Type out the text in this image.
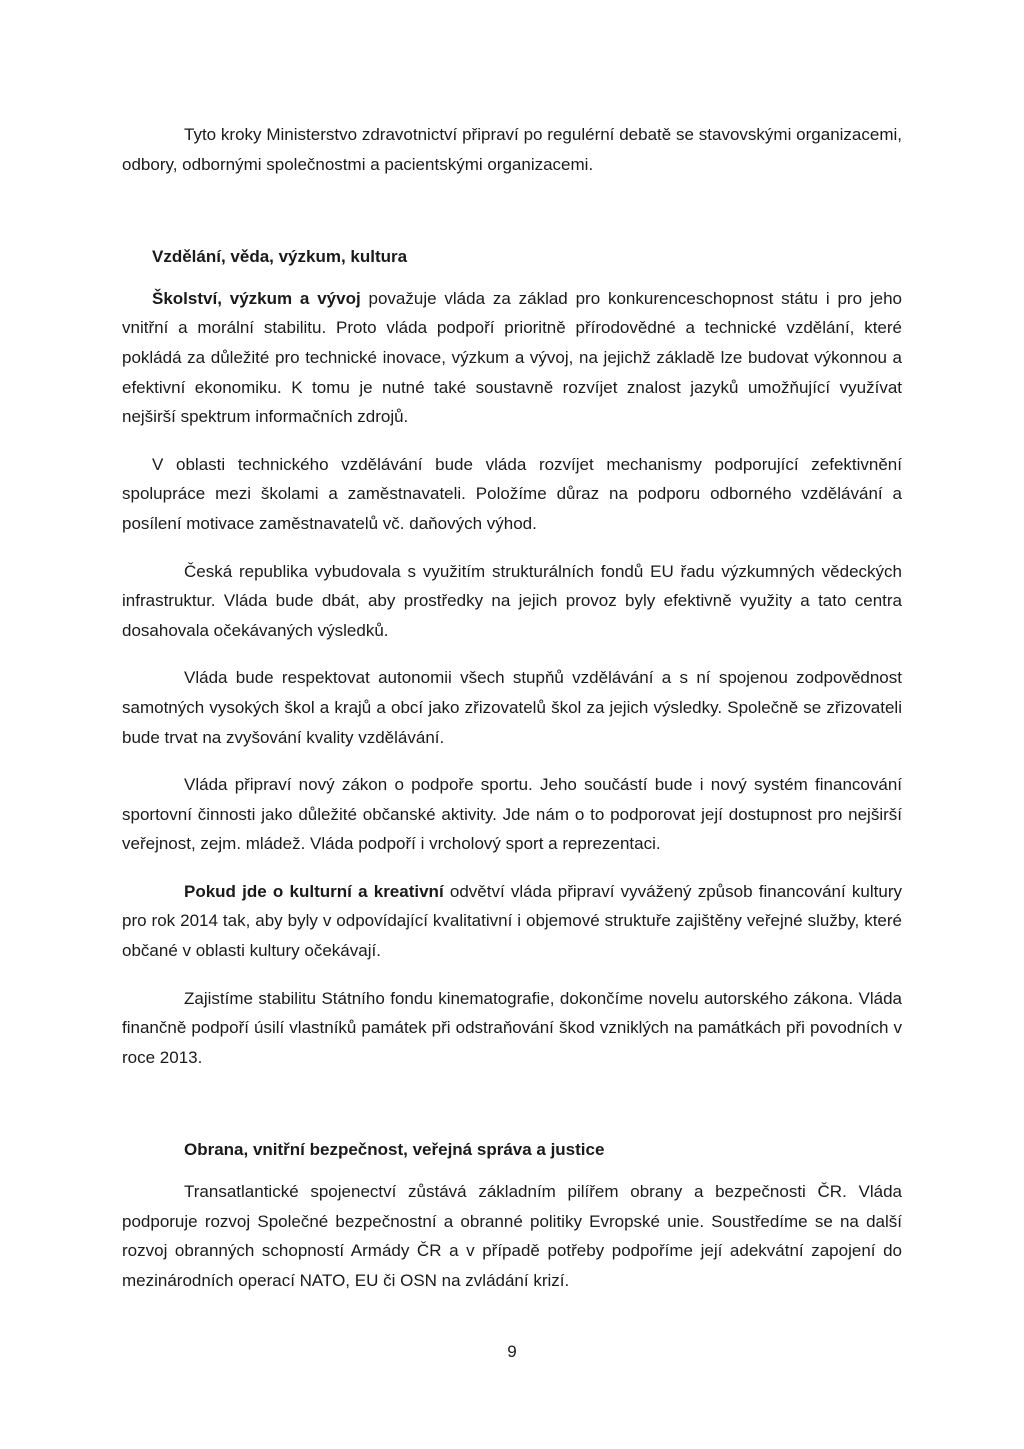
Tyto kroky Ministerstvo zdravotnictví připraví po regulérní debatě se stavovskými organizacemi, odbory, odbornými společnostmi a pacientskými organizacemi.

Vzdělání, věda, výzkum, kultura

Školství, výzkum a vývoj považuje vláda za základ pro konkurenceschopnost státu i pro jeho vnitřní a morální stabilitu. Proto vláda podpoří prioritně přírodovědné a technické vzdělání, které pokládá za důležité pro technické inovace, výzkum a vývoj, na jejichž základě lze budovat výkonnou a efektivní ekonomiku. K tomu je nutné také soustavně rozvíjet znalost jazyků umožňující využívat nejširší spektrum informačních zdrojů.

V oblasti technického vzdělávání bude vláda rozvíjet mechanismy podporující zefektivnění spolupráce mezi školami a zaměstnavateli. Položíme důraz na podporu odborného vzdělávání a posílení motivace zaměstnavatelů vč. daňových výhod.

Česká republika vybudovala s využitím strukturálních fondů EU řadu výzkumných vědeckých infrastruktur. Vláda bude dbát, aby prostředky na jejich provoz byly efektivně využity a tato centra dosahovala očekávaných výsledků.

Vláda bude respektovat autonomii všech stupňů vzdělávání a s ní spojenou zodpovědnost samotných vysokých škol a krajů a obcí jako zřizovatelů škol za jejich výsledky. Společně se zřizovateli bude trvat na zvyšování kvality vzdělávání.

Vláda připraví nový zákon o podpoře sportu. Jeho součástí bude i nový systém financování sportovní činnosti jako důležité občanské aktivity. Jde nám o to podporovat její dostupnost pro nejširší veřejnost, zejm. mládež. Vláda podpoří i vrcholový sport a reprezentaci.

Pokud jde o kulturní a kreativní odvětví vláda připraví vyvážený způsob financování kultury pro rok 2014 tak, aby byly v odpovídající kvalitativní i objemové struktuře zajištěny veřejné služby, které občané v oblasti kultury očekávají.

Zajistíme stabilitu Státního fondu kinematografie, dokončíme novelu autorského zákona. Vláda finančně podpoří úsilí vlastníků památek při odstraňování škod vzniklých na památkách při povodních v roce 2013.

Obrana, vnitřní bezpečnost, veřejná správa a justice

Transatlantické spojenectví zůstává základním pilířem obrany a bezpečnosti ČR. Vláda podporuje rozvoj Společné bezpečnostní a obranné politiky Evropské unie. Soustředíme se na další rozvoj obranných schopností Armády ČR a v případě potřeby podpoříme její adekvátní zapojení do mezinárodních operací NATO, EU či OSN na zvládání krizí.

9
